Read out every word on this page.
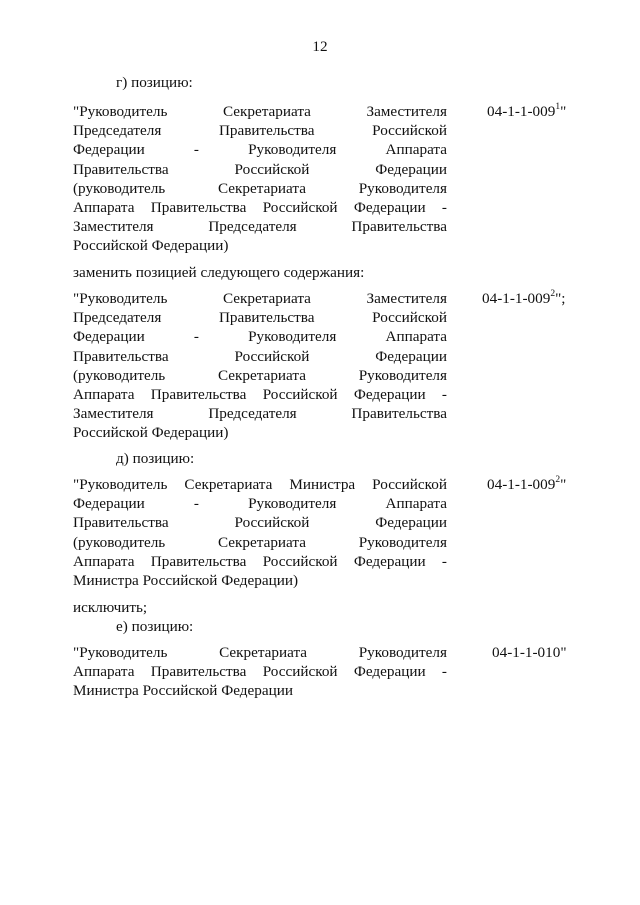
12
г) позицию:
"Руководитель Секретариата Заместителя
Председателя Правительства Российской
Федерации - Руководителя Аппарата
Правительства Российской Федерации
(руководитель Секретариата Руководителя
Аппарата Правительства Российской Федерации -
Заместителя Председателя Правительства
Российской Федерации)
$04-1-1-009^1$"
заменить позицией следующего содержания:
"Руководитель Секретариата Заместителя
Председателя Правительства Российской
Федерации - Руководителя Аппарата
Правительства Российской Федерации
(руководитель Секретариата Руководителя
Аппарата Правительства Российской Федерации -
Заместителя Председателя Правительства
Российской Федерации)
$04-1-1-009^2$";
д) позицию:
"Руководитель Секретариата Министра Российской
Федерации - Руководителя Аппарата
Правительства Российской Федерации
(руководитель Секретариата Руководителя
Аппарата Правительства Российской Федерации -
Министра Российской Федерации)
$04-1-1-009^2$"
исключить;
е) позицию:
"Руководитель Секретариата Руководителя
Аппарата Правительства Российской Федерации -
Министра Российской Федерации
04-1-1-010"
